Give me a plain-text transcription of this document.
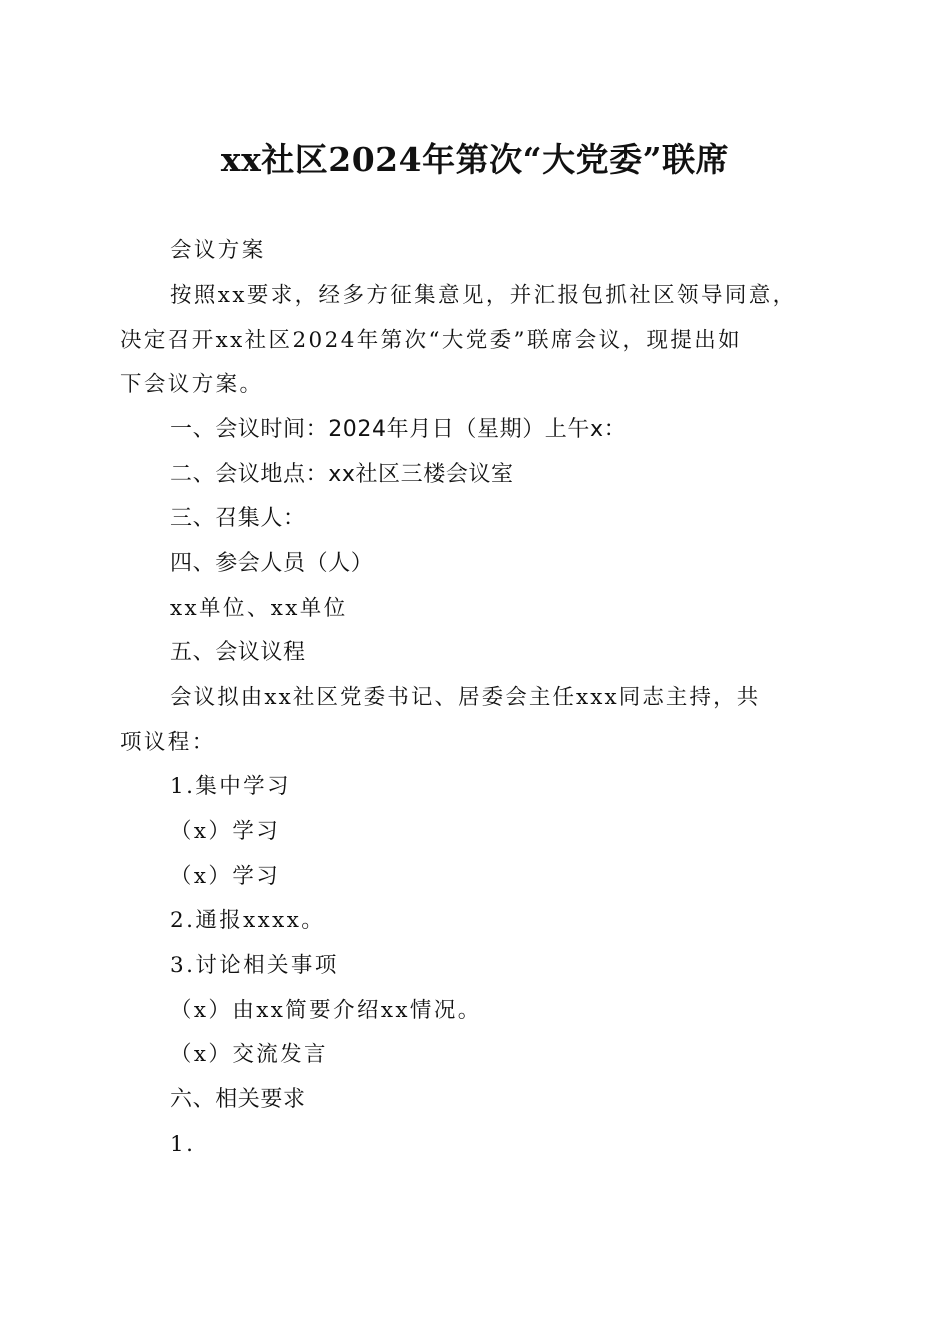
xx社区2024年第次“大党委”联席
会议方案
按照xx要求，经多方征集意见，并汇报包抓社区领导同意，
决定召开xx社区2024年第次“大党委”联席会议，现提出如
下会议方案。
一、会议时间：2024年月日（星期）上午x：
二、会议地点：xx社区三楼会议室
三、召集人：
四、参会人员（人）
xx单位、xx单位
五、会议议程
会议拟由xx社区党委书记、居委会主任xxx同志主持，共
项议程：
1.集中学习
（x）学习
（x）学习
2.通报xxxx。
3.讨论相关事项
（x）由xx简要介绍xx情况。
（x）交流发言
六、相关要求
1.
